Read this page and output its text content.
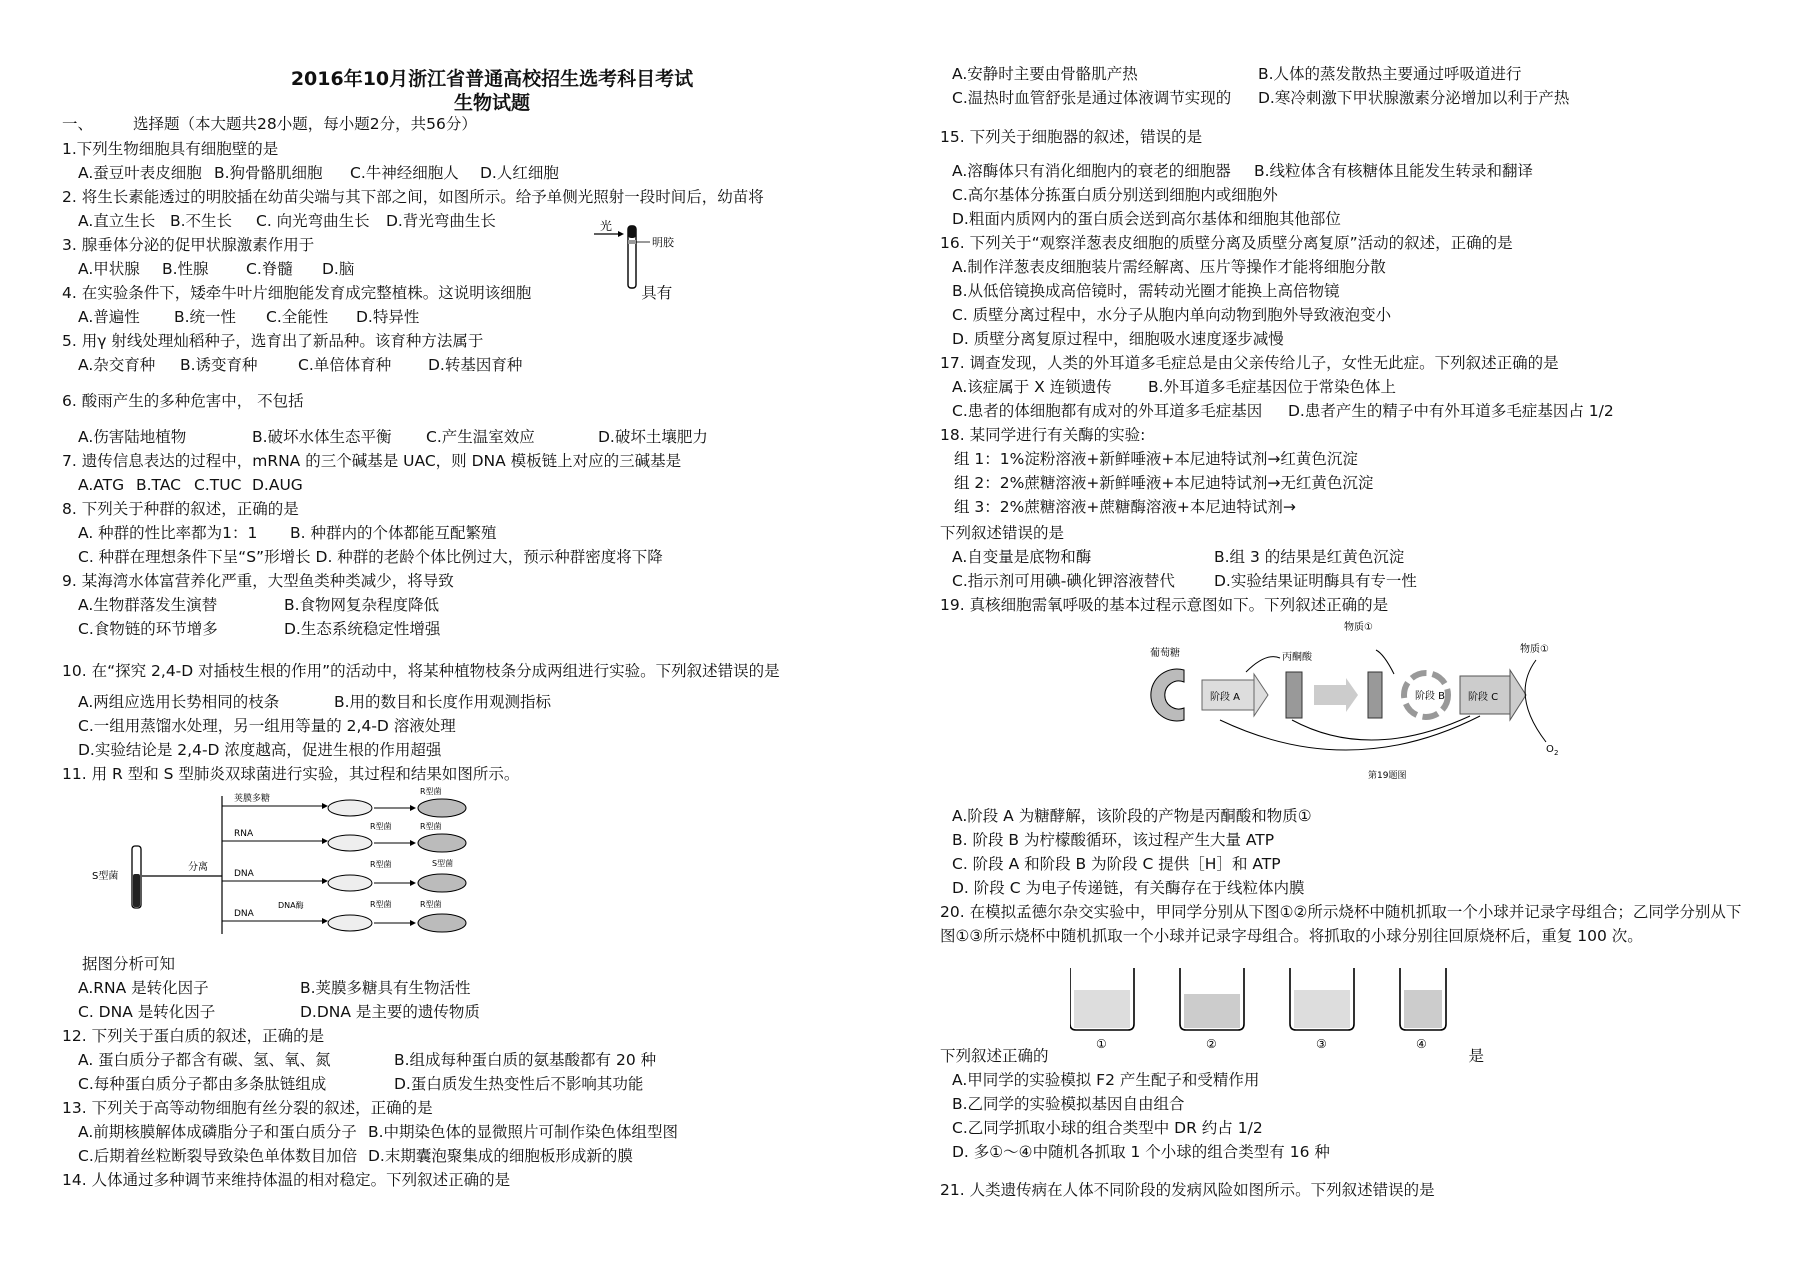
2016年10月浙江省普通高校招生选考科目考试
生物试题
一、	选择题（本大题共28小题，每小题2分，共56分）
1.下列生物细胞具有细胞壁的是
A.蚕豆叶表皮细胞 B.狗骨骼肌细胞 C.牛神经细胞人 D.人红细胞
2. 将生长素能透过的明胶插在幼苗尖端与其下部之间，如图所示。给予单侧光照射一段时间后，幼苗将
A.直立生长 B.不生长 C. 向光弯曲生长 D.背光弯曲生长	光
明胶
3. 腺垂体分泌的促甲状腺激素作用于
A.甲状腺 B.性腺 C.脊髓 D.脑
4. 在实验条件下，矮牵牛叶片细胞能发育成完整植株。这说明该细胞	具有
A.普遍性 B.统一性 C.全能性 D.特异性
5. 用γ 射线处理灿稻种子，选育出了新品种。该育种方法属于
A.杂交育种 B.诱变育种	C.单倍体育种 D.转基因育种
6. 酸雨产生的多种危害中， 不包括
A.伤害陆地植物	B.破坏水体生态平衡 C.产生温室效应	D.破坏土壤肥力
7. 遗传信息表达的过程中，mRNA 的三个碱基是 UAC，则 DNA 模板链上对应的三碱基是
A.ATG B.TAC C.TUC D.AUG
8. 下列关于种群的叙述，正确的是
A. 种群的性比率都为1：1 B. 种群内的个体都能互配繁殖
C. 种群在理想条件下呈“S”形增长 D. 种群的老龄个体比例过大，预示种群密度将下降
9. 某海湾水体富营养化严重，大型鱼类种类减少，将导致
A.生物群落发生演替	B.食物网复杂程度降低
C.食物链的环节增多	D.生态系统稳定性增强
10. 在“探究 2,4-D 对插枝生根的作用”的活动中，将某种植物枝条分成两组进行实验。下列叙述错误的是
A.两组应选用长势相同的枝条	B.用的数目和长度作用观测指标
C.一组用蒸馏水处理，另一组用等量的 2,4-D 溶液处理
D.实验结论是 2,4-D 浓度越高，促进生根的作用超强
11. 用 R 型和 S 型肺炎双球菌进行实验，其过程和结果如图所示。
S型菌
分离
荚膜多糖
R型菌
RNA
R型菌	R型菌
DNA
R型菌	S型菌
DNA
DNA酶	R型菌	R型菌
据图分析可知
A.RNA 是转化因子	B.荚膜多糖具有生物活性
C. DNA 是转化因子	D.DNA 是主要的遗传物质
12. 下列关于蛋白质的叙述，正确的是
A. 蛋白质分子都含有碳、氢、氧、氮	B.组成每种蛋白质的氨基酸都有 20 种
C.每种蛋白质分子都由多条肽链组成	D.蛋白质发生热变性后不影响其功能
13. 下列关于高等动物细胞有丝分裂的叙述，正确的是
A.前期核膜解体成磷脂分子和蛋白质分子 B.中期染色体的显微照片可制作染色体组型图
C.后期着丝粒断裂导致染色单体数目加倍 D.末期囊泡聚集成的细胞板形成新的膜
14. 人体通过多种调节来维持体温的相对稳定。下列叙述正确的是
A.安静时主要由骨骼肌产热	B.人体的蒸发散热主要通过呼吸道进行
C.温热时血管舒张是通过体液调节实现的 D.寒冷刺激下甲状腺激素分泌增加以利于产热
15. 下列关于细胞器的叙述，错误的是
A.溶酶体只有消化细胞内的衰老的细胞器 B.线粒体含有核糖体且能发生转录和翻译
C.高尔基体分拣蛋白质分别送到细胞内或细胞外
D.粗面内质网内的蛋白质会送到高尔基体和细胞其他部位
16. 下列关于“观察洋葱表皮细胞的质壁分离及质壁分离复原”活动的叙述，正确的是
A.制作洋葱表皮细胞装片需经解离、压片等操作才能将细胞分散
B.从低倍镜换成高倍镜时，需转动光圈才能换上高倍物镜
C. 质壁分离过程中，水分子从胞内单向动物到胞外导致液泡变小
D. 质壁分离复原过程中，细胞吸水速度逐步减慢
17. 调查发现，人类的外耳道多毛症总是由父亲传给儿子，女性无此症。下列叙述正确的是
A.该症属于 X 连锁遗传 B.外耳道多毛症基因位于常染色体上
C.患者的体细胞都有成对的外耳道多毛症基因 D.患者产生的精子中有外耳道多毛症基因占 1/2
18. 某同学进行有关酶的实验:
组 1：1%淀粉溶液+新鲜唾液+本尼迪特试剂→红黄色沉淀
组 2：2%蔗糖溶液+新鲜唾液+本尼迪特试剂→无红黄色沉淀
组 3：2%蔗糖溶液+蔗糖酶溶液+本尼迪特试剂→
下列叙述错误的是
A.自变量是底物和酶	B.组 3 的结果是红黄色沉淀
C.指示剂可用碘-碘化钾溶液替代	D.实验结果证明酶具有专一性
19. 真核细胞需氧呼吸的基本过程示意图如下。下列叙述正确的是
葡萄糖
阶段 A
丙酮酸
物质①
阶段 B 阶段 C
物质①
O 2
第19题图
A.阶段 A 为糖酵解，该阶段的产物是丙酮酸和物质①
B. 阶段 B 为柠檬酸循环，该过程产生大量 ATP
C. 阶段 A 和阶段 B 为阶段 C 提供［H］和 ATP
D. 阶段 C 为电子传递链，有关酶存在于线粒体内膜
20. 在模拟孟德尔杂交实验中，甲同学分别从下图①②所示烧杯中随机抓取一个小球并记录字母组合；乙同学分别从下
图①③所示烧杯中随机抓取一个小球并记录字母组合。将抓取的小球分别往回原烧杯后，重复 100 次。
①	②	③	④
下列叙述正确的	是
A.甲同学的实验模拟 F2 产生配子和受精作用
B.乙同学的实验模拟基因自由组合
C.乙同学抓取小球的组合类型中 DR 约占 1/2
D. 多①～④中随机各抓取 1 个小球的组合类型有 16 种
21. 人类遗传病在人体不同阶段的发病风险如图所示。下列叙述错误的是
